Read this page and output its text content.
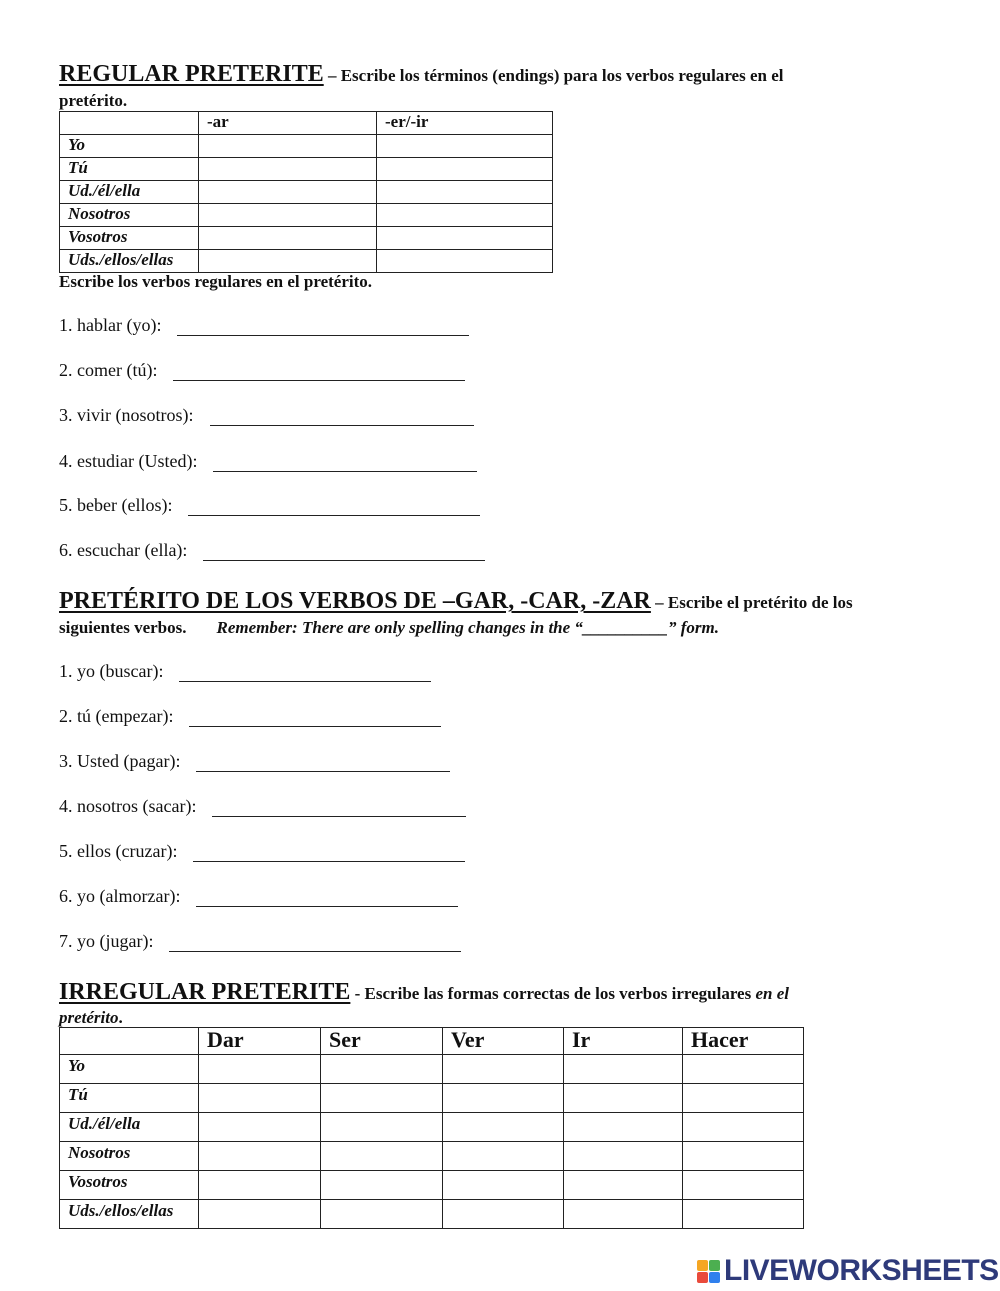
REGULAR PRETERITE – Escribe los términos (endings) para los verbos regulares en el
pretérito.
	-ar	-er/-ir
Yo		
Tú		
Ud./él/ella		
Nosotros		
Vosotros		
Uds./ellos/ellas		
Escribe los verbos regulares en el pretérito.
1. hablar (yo):
2. comer (tú):
3. vivir (nosotros):
4. estudiar (Usted):
5. beber (ellos):
6. escuchar (ella):
PRETÉRITO DE LOS VERBOS DE –GAR, -CAR, -ZAR – Escribe el pretérito de los
siguientes verbos. Remember: There are only spelling changes in the “__________” form.
1. yo (buscar):
2. tú (empezar):
3. Usted (pagar):
4. nosotros (sacar):
5. ellos (cruzar):
6. yo (almorzar):
7. yo (jugar):
IRREGULAR PRETERITE - Escribe las formas correctas de los verbos irregulares en el
pretérito.
	Dar	Ser	Ver	Ir	Hacer
Yo					
Tú					
Ud./él/ella					
Nosotros					
Vosotros					
Uds./ellos/ellas					
LIVEWORKSHEETS
